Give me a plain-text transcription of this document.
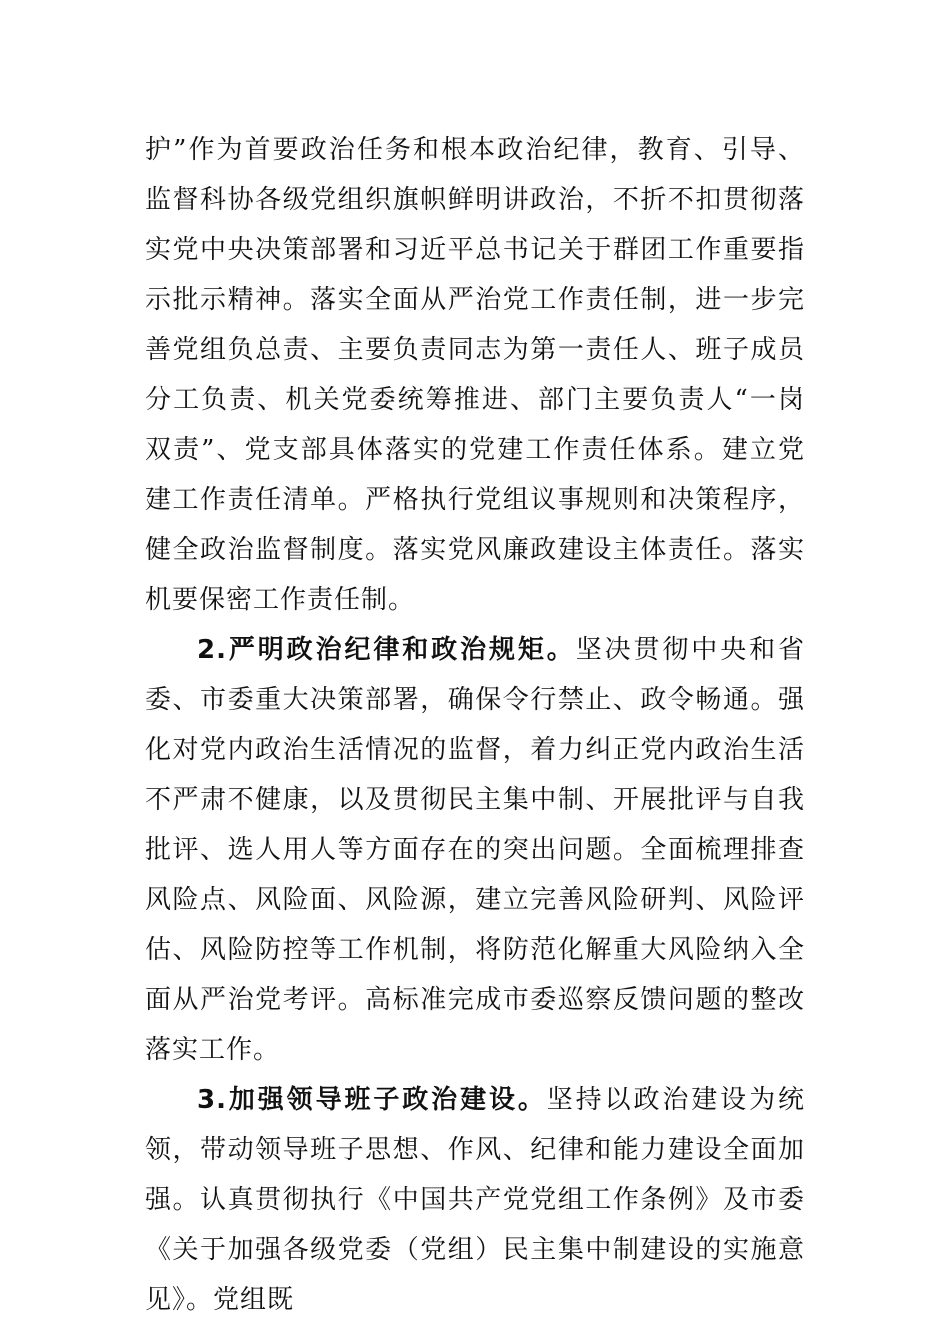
护”作为首要政治任务和根本政治纪律，教育、引导、监督科协各级党组织旗帜鲜明讲政治，不折不扣贯彻落实党中央决策部署和习近平总书记关于群团工作重要指示批示精神。落实全面从严治党工作责任制，进一步完善党组负总责、主要负责同志为第一责任人、班子成员分工负责、机关党委统筹推进、部门主要负责人“一岗双责”、党支部具体落实的党建工作责任体系。建立党建工作责任清单。严格执行党组议事规则和决策程序，健全政治监督制度。落实党风廉政建设主体责任。落实机要保密工作责任制。

2.严明政治纪律和政治规矩。坚决贯彻中央和省委、市委重大决策部署，确保令行禁止、政令畅通。强化对党内政治生活情况的监督，着力纠正党内政治生活不严肃不健康，以及贯彻民主集中制、开展批评与自我批评、选人用人等方面存在的突出问题。全面梳理排查风险点、风险面、风险源，建立完善风险研判、风险评估、风险防控等工作机制，将防范化解重大风险纳入全面从严治党考评。高标准完成市委巡察反馈问题的整改落实工作。

3.加强领导班子政治建设。坚持以政治建设为统领，带动领导班子思想、作风、纪律和能力建设全面加强。认真贯彻执行《中国共产党党组工作条例》及市委《关于加强各级党委（党组）民主集中制建设的实施意见》。党组既
